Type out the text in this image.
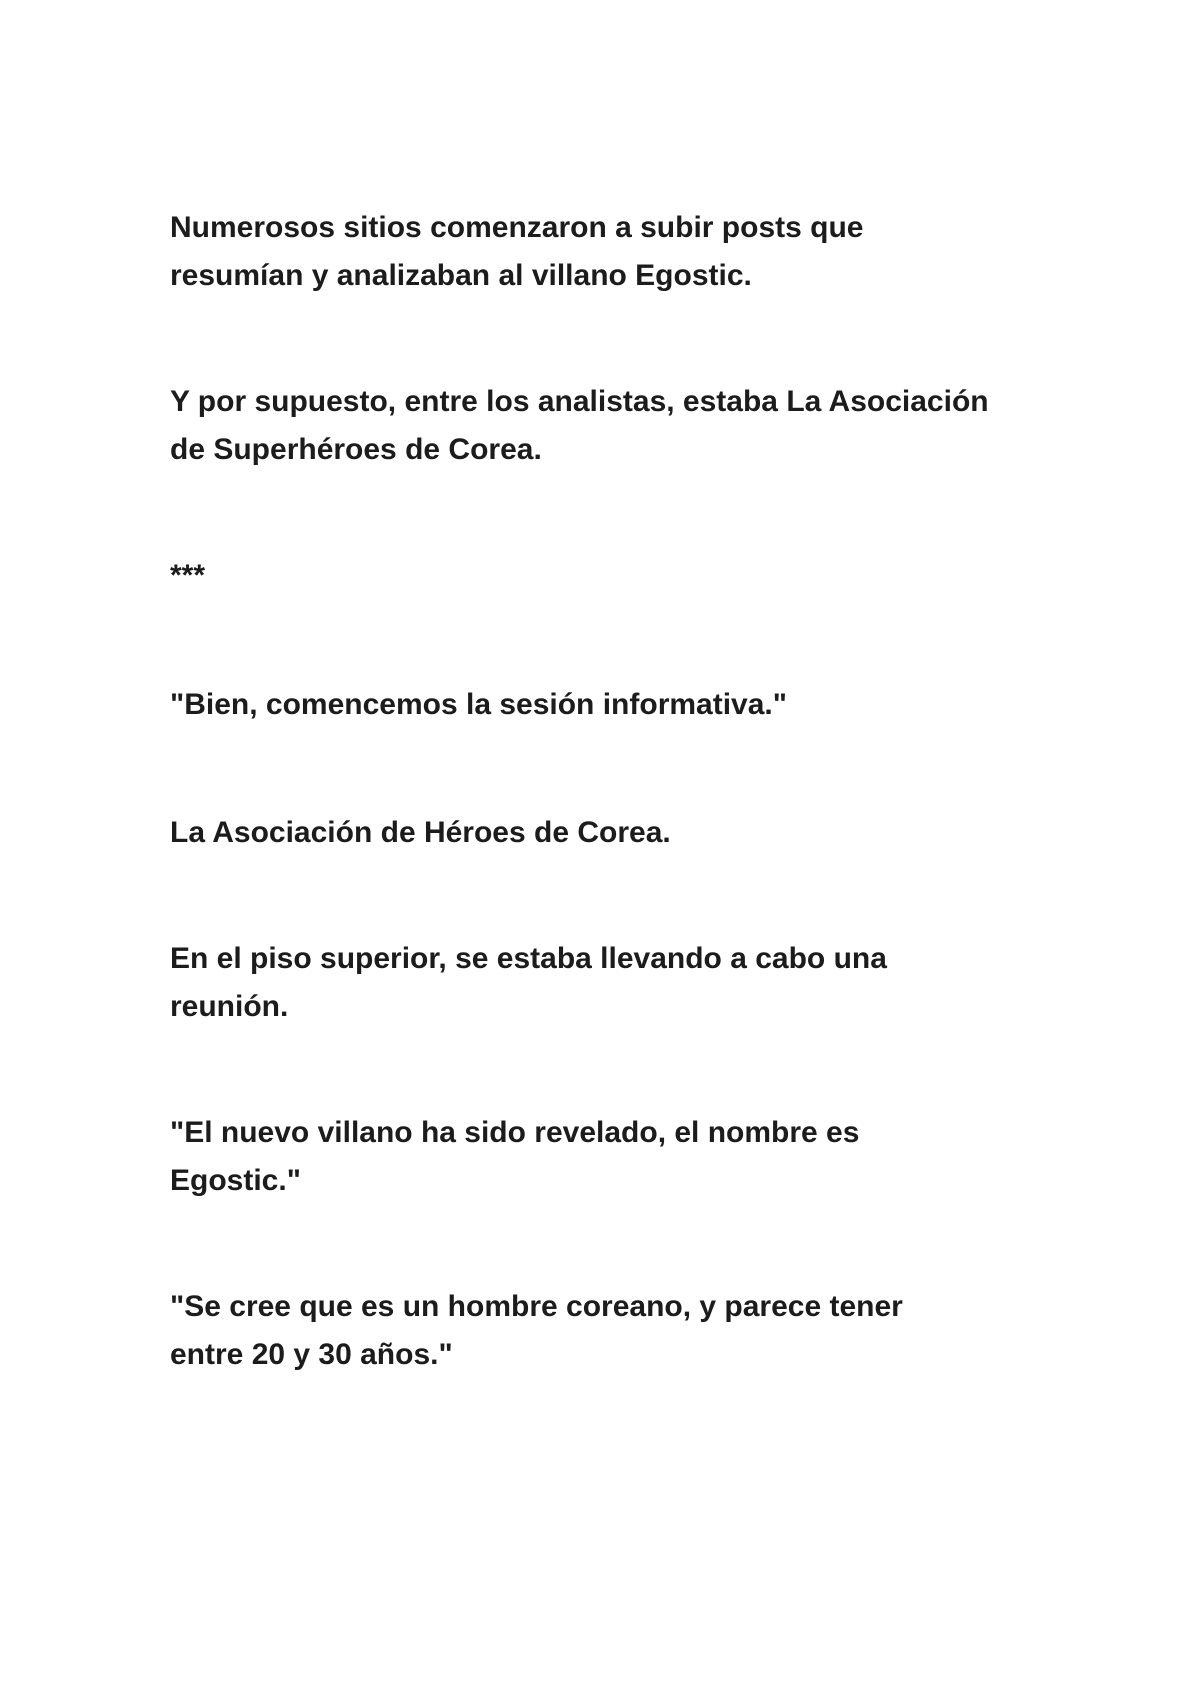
Numerosos sitios comenzaron a subir posts que
resumían y analizaban al villano Egostic.

Y por supuesto, entre los analistas, estaba La Asociación
de Superhéroes de Corea.

***

"Bien, comencemos la sesión informativa."

La Asociación de Héroes de Corea.

En el piso superior, se estaba llevando a cabo una
reunión.

"El nuevo villano ha sido revelado, el nombre es
Egostic."

"Se cree que es un hombre coreano, y parece tener
entre 20 y 30 años."
